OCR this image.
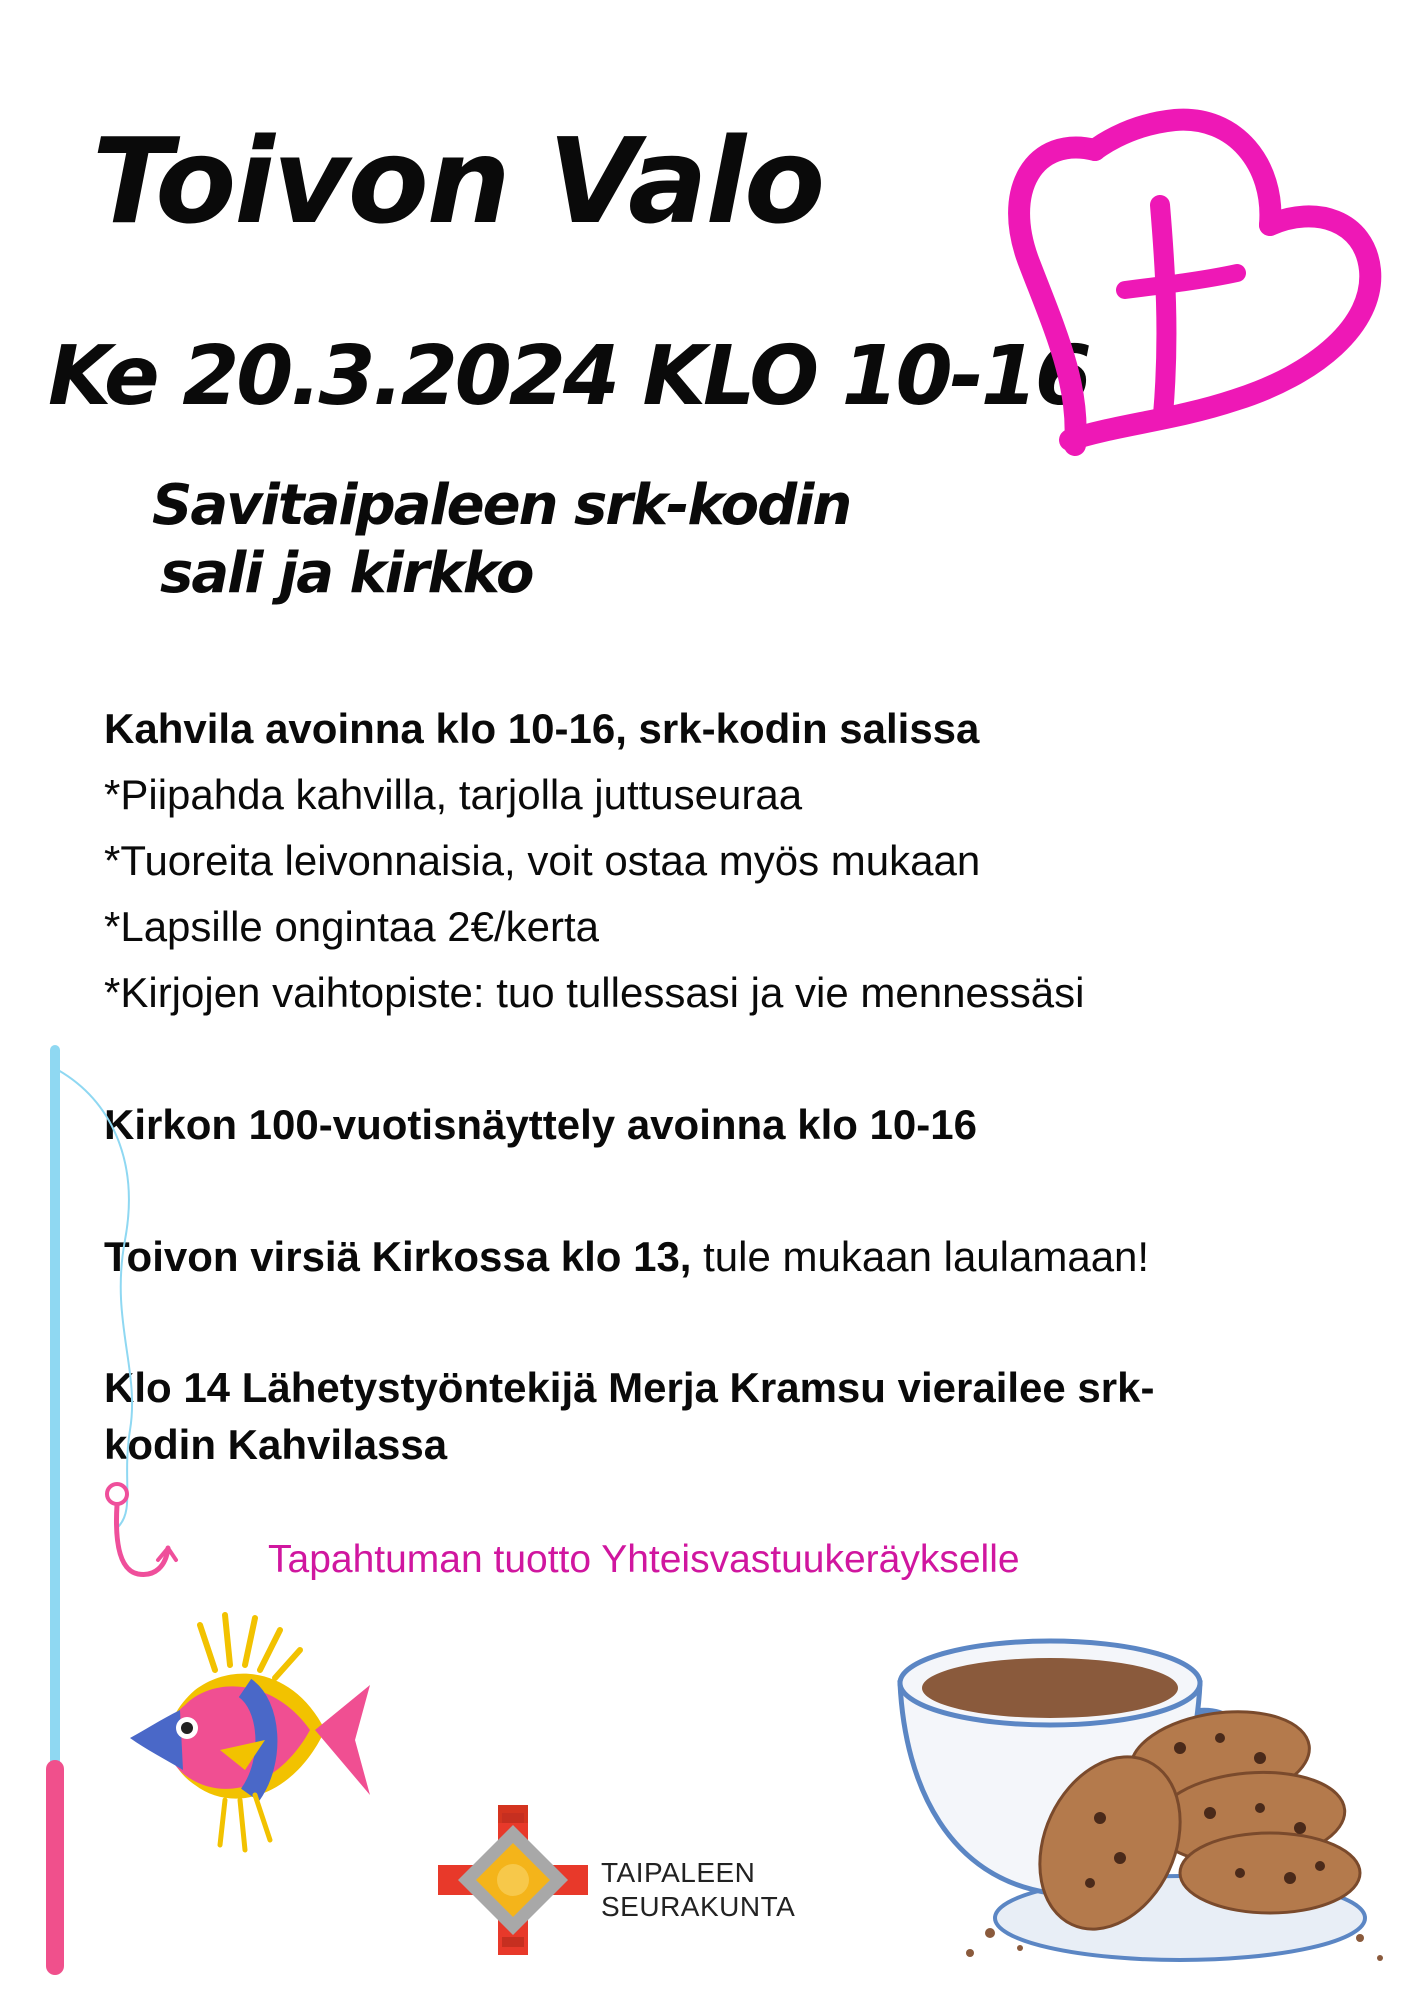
Toivon Valo
Ke 20.3.2024 KLO 10-16
Savitaipaleen srk-kodin
sali ja kirkko
Kahvila avoinna klo 10-16, srk-kodin salissa
*Piipahda kahvilla, tarjolla juttuseuraa
*Tuoreita leivonnaisia, voit ostaa myös mukaan
*Lapsille ongintaa 2€/kerta
*Kirjojen vaihtopiste: tuo tullessasi ja vie mennessäsi
Kirkon 100-vuotisnäyttely avoinna klo 10-16
Toivon virsiä Kirkossa klo 13, tule mukaan laulamaan!
Klo 14 Lähetystyöntekijä Merja Kramsu vierailee srk-
kodin Kahvilassa
Tapahtuman tuotto Yhteisvastuukeräykselle
TAIPALEEN
SEURAKUNTA
